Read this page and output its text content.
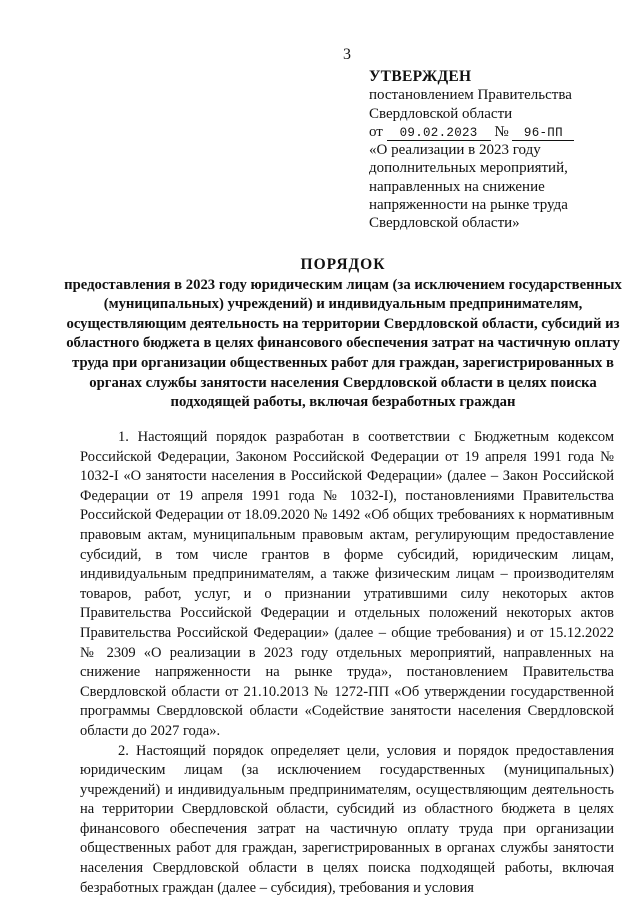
3
УТВЕРЖДЕН
постановлением Правительства
Свердловской области
от 09.02.2023 № 96-ПП
«О реализации в 2023 году
дополнительных мероприятий,
направленных на снижение
напряженности на рынке труда
Свердловской области»
ПОРЯДОК

предоставления в 2023 году юридическим лицам (за исключением государственных (муниципальных) учреждений) и индивидуальным предпринимателям, осуществляющим деятельность на территории Свердловской области, субсидий из областного бюджета в целях финансового обеспечения затрат на частичную оплату труда при организации общественных работ для граждан, зарегистрированных в органах службы занятости населения Свердловской области в целях поиска подходящей работы, включая безработных граждан

1. Настоящий порядок разработан в соответствии с Бюджетным кодексом Российской Федерации, Законом Российской Федерации от 19 апреля 1991 года № 1032-I «О занятости населения в Российской Федерации» (далее – Закон Российской Федерации от 19 апреля 1991 года № 1032-I), постановлениями Правительства Российской Федерации от 18.09.2020 № 1492 «Об общих требованиях к нормативным правовым актам, муниципальным правовым актам, регулирующим предоставление субсидий, в том числе грантов в форме субсидий, юридическим лицам, индивидуальным предпринимателям, а также физическим лицам – производителям товаров, работ, услуг, и о признании утратившими силу некоторых актов Правительства Российской Федерации и отдельных положений некоторых актов Правительства Российской Федерации» (далее – общие требования) и от 15.12.2022 № 2309 «О реализации в 2023 году отдельных мероприятий, направленных на снижение напряженности на рынке труда», постановлением Правительства Свердловской области от 21.10.2013 № 1272-ПП «Об утверждении государственной программы Свердловской области «Содействие занятости населения Свердловской области до 2027 года».

2. Настоящий порядок определяет цели, условия и порядок предоставления юридическим лицам (за исключением государственных (муниципальных) учреждений) и индивидуальным предпринимателям, осуществляющим деятельность на территории Свердловской области, субсидий из областного бюджета в целях финансового обеспечения затрат на частичную оплату труда при организации общественных работ для граждан, зарегистрированных в органах службы занятости населения Свердловской области в целях поиска подходящей работы, включая безработных граждан (далее – субсидия), требования и условия
